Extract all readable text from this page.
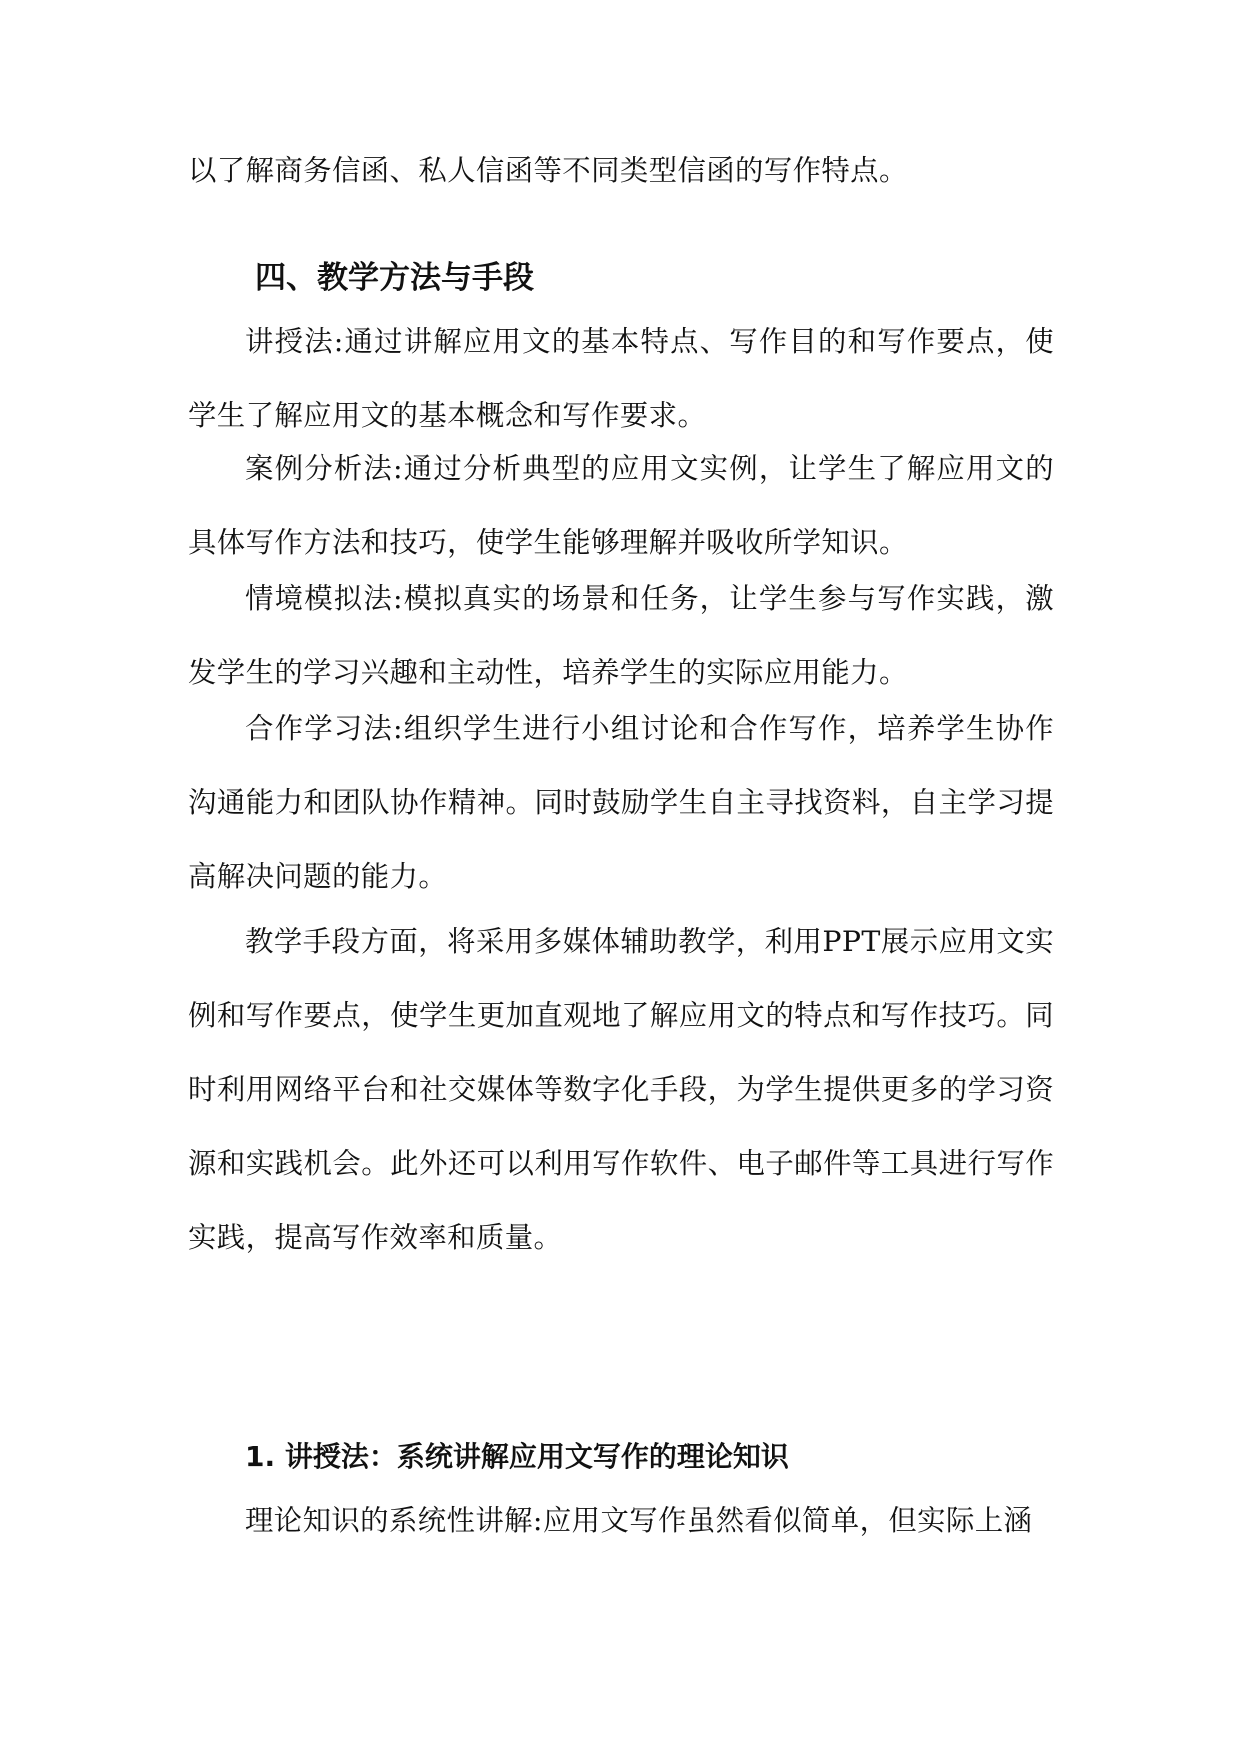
以了解商务信函、私人信函等不同类型信函的写作特点。

四、教学方法与手段

讲授法:通过讲解应用文的基本特点、写作目的和写作要点，使学生了解应用文的基本概念和写作要求。

案例分析法:通过分析典型的应用文实例，让学生了解应用文的具体写作方法和技巧，使学生能够理解并吸收所学知识。

情境模拟法:模拟真实的场景和任务，让学生参与写作实践，激发学生的学习兴趣和主动性，培养学生的实际应用能力。

合作学习法:组织学生进行小组讨论和合作写作，培养学生协作沟通能力和团队协作精神。同时鼓励学生自主寻找资料，自主学习提高解决问题的能力。

教学手段方面，将采用多媒体辅助教学，利用PPT展示应用文实例和写作要点，使学生更加直观地了解应用文的特点和写作技巧。同时利用网络平台和社交媒体等数字化手段，为学生提供更多的学习资源和实践机会。此外还可以利用写作软件、电子邮件等工具进行写作实践，提高写作效率和质量。

1. 讲授法：系统讲解应用文写作的理论知识

理论知识的系统性讲解:应用文写作虽然看似简单，但实际上涵
